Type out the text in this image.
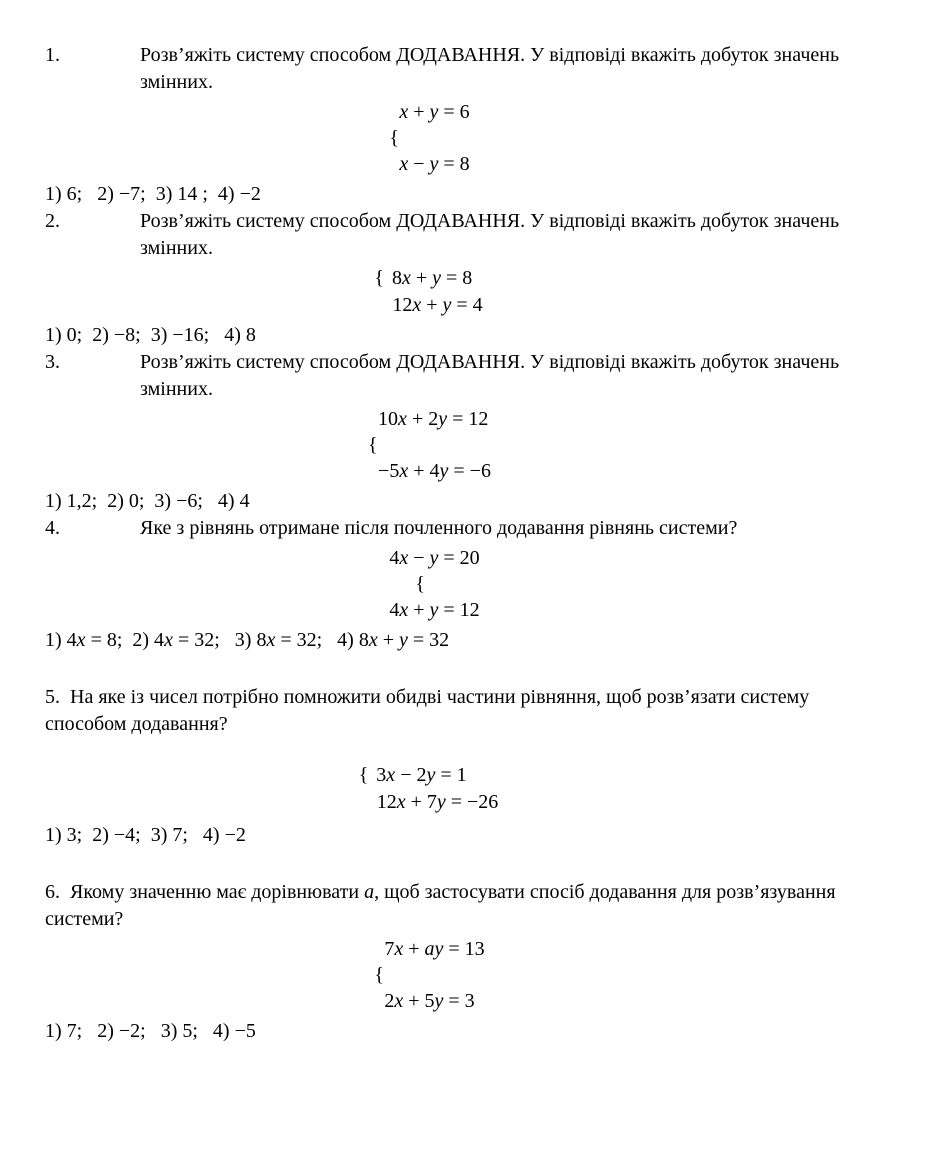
1.	Розв’яжіть систему способом ДОДАВАННЯ. У відповіді вкажіть добуток значень змінних.
x + y = 6
{
x − y = 8
1) 6;   2) −7;  3) 14 ;  4) −2
2.	Розв’яжіть систему способом ДОДАВАННЯ. У відповіді вкажіть добуток значень змінних.
{ 8x + y = 8
12x + y = 4
1) 0;  2) −8;  3) −16;   4) 8
3.	Розв’яжіть систему способом ДОДАВАННЯ. У відповіді вкажіть добуток значень змінних.
10x + 2y = 12
{
−5x + 4y = −6
1) 1,2;  2) 0;  3) −6;   4) 4
4.	Яке з рівнянь отримане після почленного додавання рівнянь системи?
4x − y = 20
{
4x + y = 12
1) 4x = 8;  2) 4x = 32;   3) 8x = 32;   4) 8x + y = 32
5. На яке із чисел потрібно помножити обидві частини рівняння, щоб розв’язати систему способом додавання?
{ 3x − 2y = 1
12x + 7y = −26
1) 3;  2) −4;  3) 7;   4) −2
6. Якому значенню має дорівнювати a, щоб застосувати спосіб додавання для розв’язування системи?
7x + ay = 13
{
2x + 5y = 3
1) 7;   2) −2;   3) 5;   4) −5
